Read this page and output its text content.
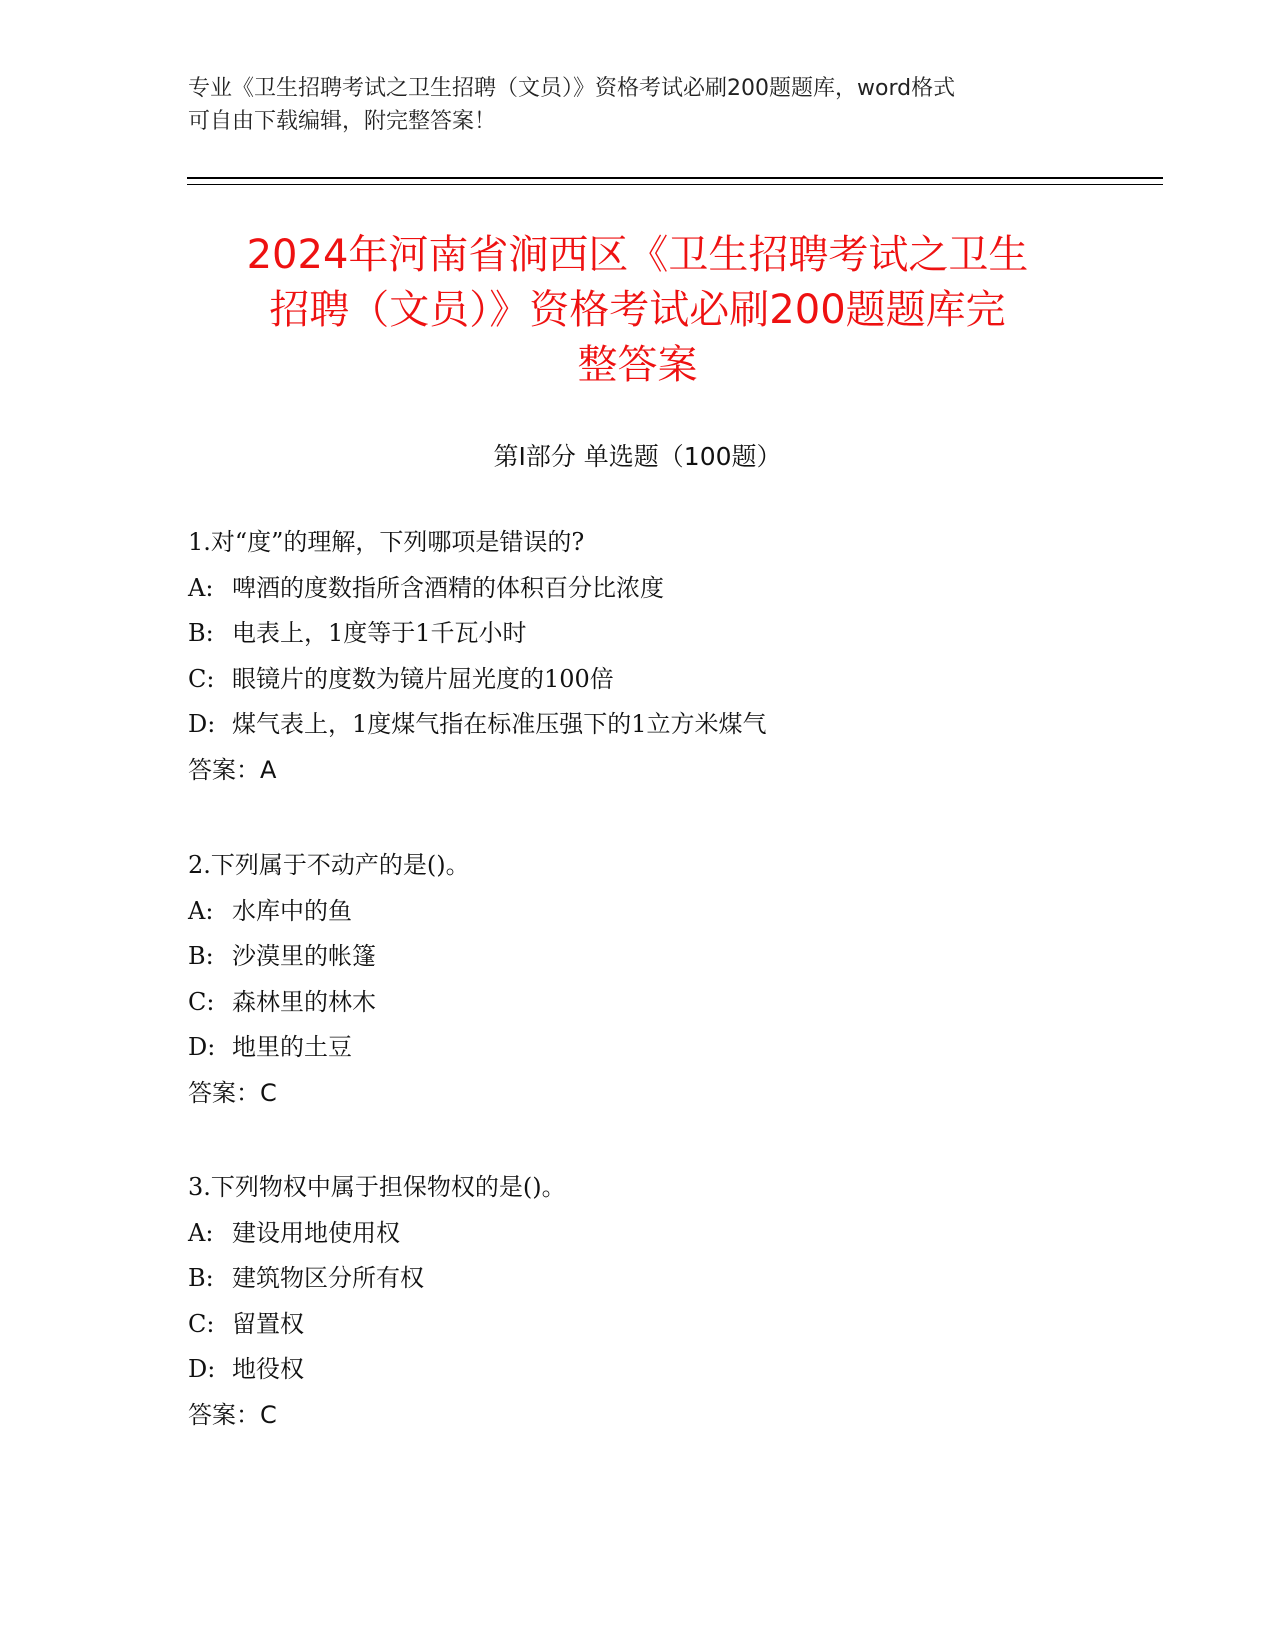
专业《卫生招聘考试之卫生招聘（文员）》资格考试必刷200题题库，word格式
可自由下载编辑，附完整答案！
2024年河南省涧西区《卫生招聘考试之卫生
招聘（文员）》资格考试必刷200题题库完
整答案
第Ⅰ部分 单选题（100题）
1.对“度”的理解，下列哪项是错误的?
A: 啤酒的度数指所含酒精的体积百分比浓度
B: 电表上，1度等于1千瓦小时
C: 眼镜片的度数为镜片屈光度的100倍
D: 煤气表上，1度煤气指在标准压强下的1立方米煤气
答案：A
2.下列属于不动产的是()。
A: 水库中的鱼
B: 沙漠里的帐篷
C: 森林里的林木
D: 地里的土豆
答案：C
3.下列物权中属于担保物权的是()。
A: 建设用地使用权
B: 建筑物区分所有权
C: 留置权
D: 地役权
答案：C
